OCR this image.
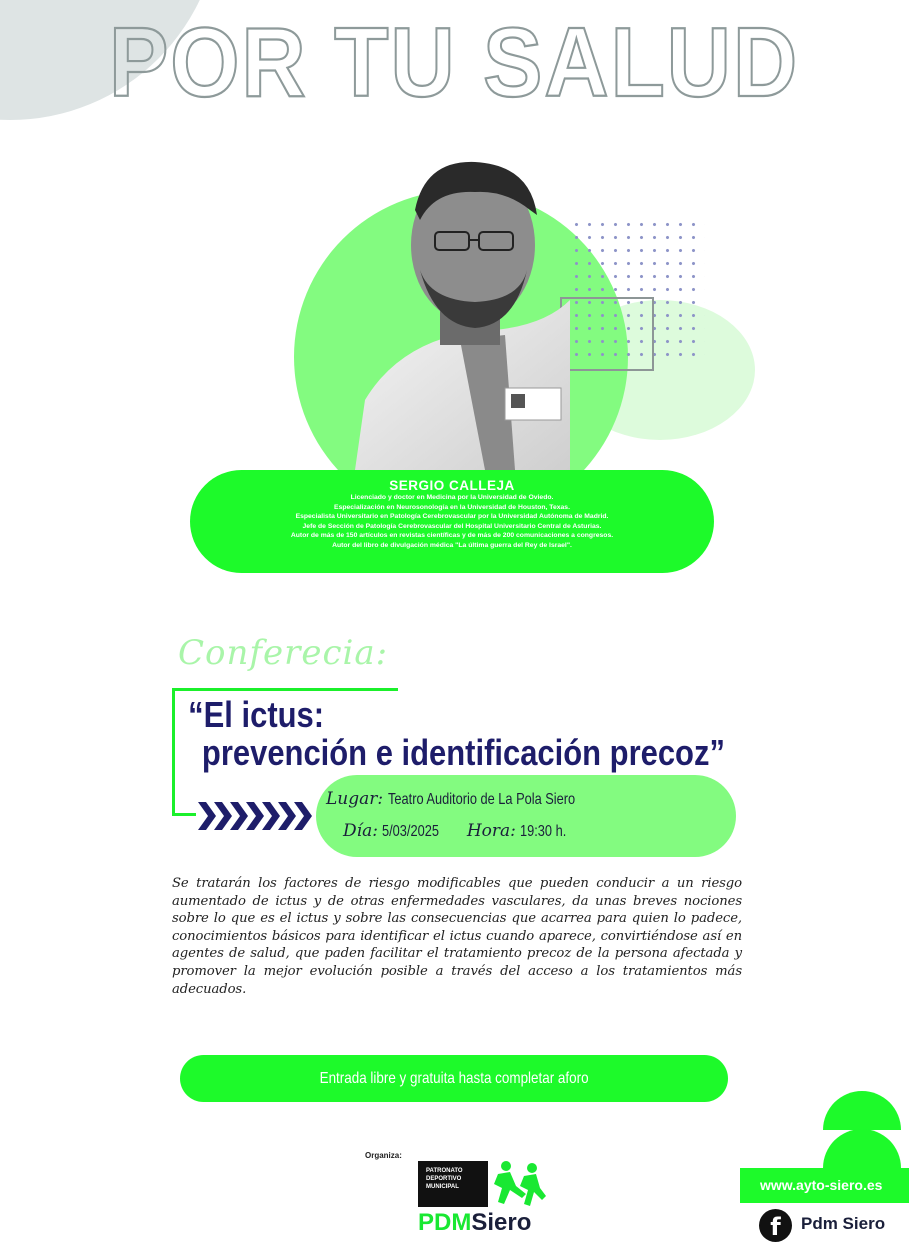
POR TU SALUD
SERGIO CALLEJA
Licenciado y doctor en Medicina por la Universidad de Oviedo.
Especialización en Neurosonología en la Universidad de Houston, Texas.
Especialista Universitario en Patología Cerebrovascular por la Universidad Autónoma de Madrid.
Jefe de Sección de Patología Cerebrovascular del Hospital Universitario Central de Asturias.
Autor de más de 150 artículos en revistas científicas y de más de 200 comunicaciones a congresos.
Autor del libro de divulgación médica "La última guerra del Rey de Israel".
Conferecia:
“El ictus:
prevención e identificación precoz”
Lugar: Teatro Auditorio de La Pola Siero
Día: 5/03/2025 Hora: 19:30 h.
Se tratarán los factores de riesgo modificables que pueden conducir a un riesgo aumentado de ictus y de otras enfermedades vasculares, da unas breves nociones sobre lo que es el ictus y sobre las consecuencias que acarrea para quien lo padece, conocimientos básicos para identificar el ictus cuando aparece, convirtiéndose así en agentes de salud, que paden facilitar el tratamiento precoz de la persona afectada y promover la mejor evolución posible a través del acceso a los tratamientos más adecuados.
Entrada libre y gratuita hasta completar aforo
Organiza:
PATRONATO
DEPORTIVO
MUNICIPAL
PDMSiero
www.ayto-siero.es
f	Pdm Siero
